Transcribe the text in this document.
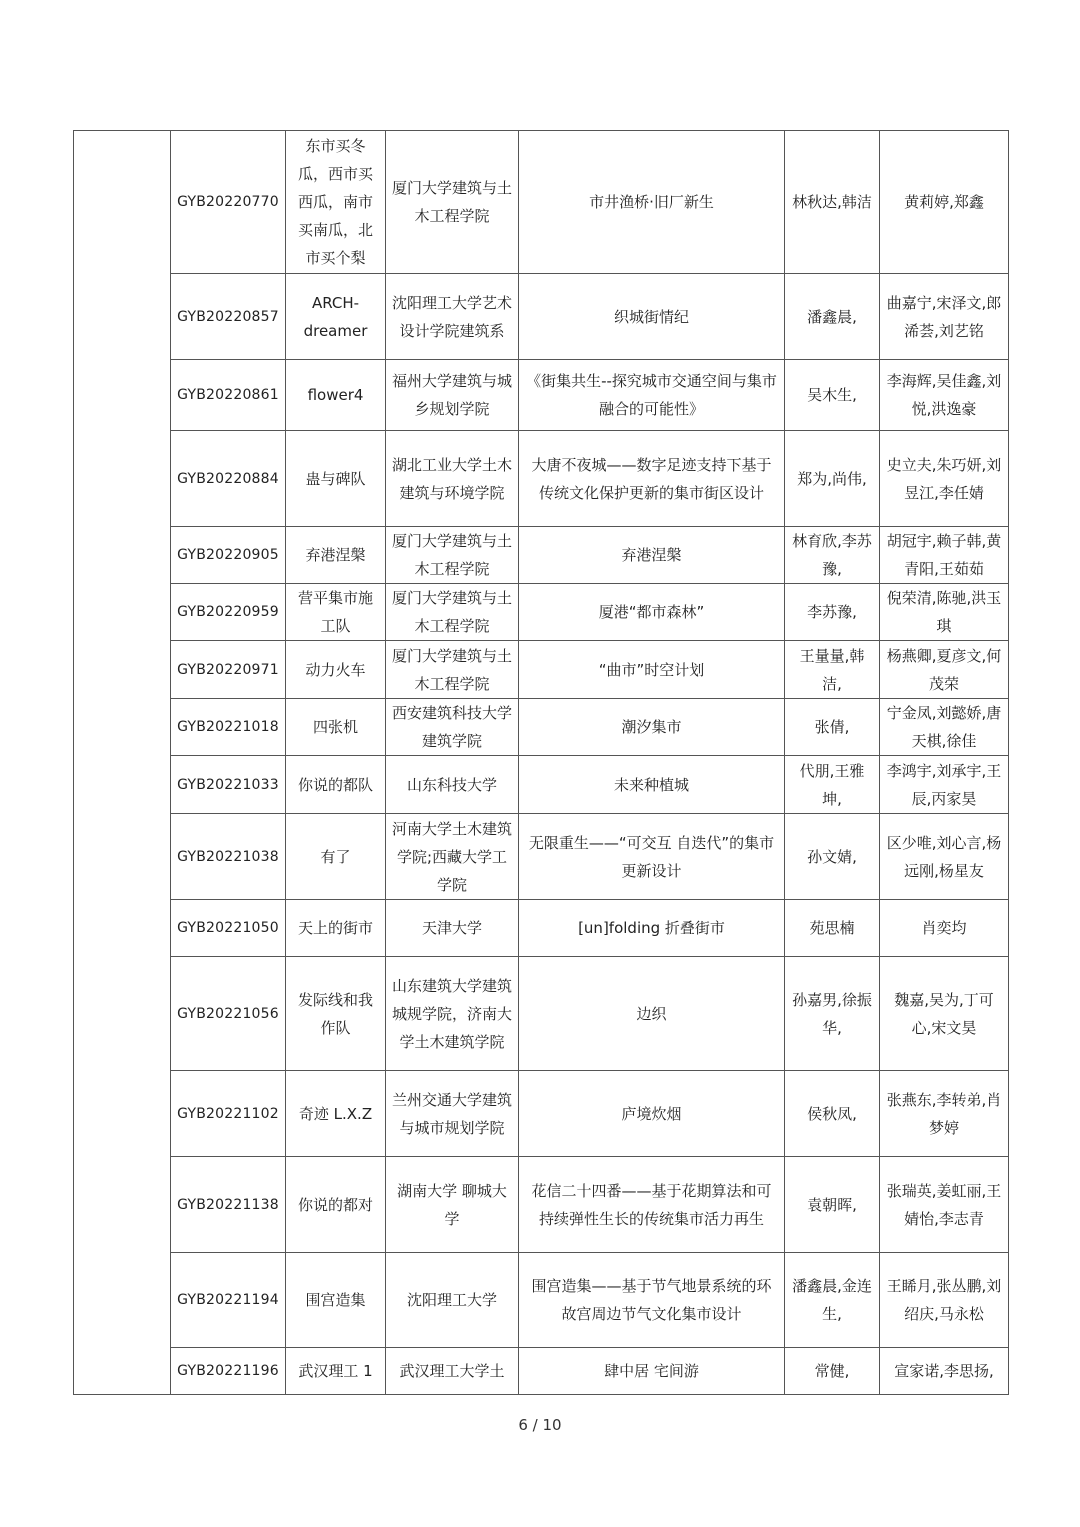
	GYB20220770	东市买冬瓜，西市买西瓜，南市买南瓜，北市买个梨	厦门大学建筑与土木工程学院	市井渔桥·旧厂新生	林秋达,韩洁	黄莉婷,郑鑫
	GYB20220857	ARCH-dreamer	沈阳理工大学艺术设计学院建筑系	织城街情纪	潘鑫晨,	曲嘉宁,宋泽文,郎浠荟,刘艺铭
	GYB20220861	flower4	福州大学建筑与城乡规划学院	《街集共生--探究城市交通空间与集市融合的可能性》	吴木生,	李海辉,吴佳鑫,刘悦,洪逸豪
	GYB20220884	蛊与碑队	湖北工业大学土木建筑与环境学院	大唐不夜城——数字足迹支持下基于传统文化保护更新的集市街区设计	郑为,尚伟,	史立夫,朱巧妍,刘昱江,李任婧
	GYB20220905	弃港涅槃	厦门大学建筑与土木工程学院	弃港涅槃	林育欣,李苏豫,	胡冠宇,赖子韩,黄青阳,王茹茹
	GYB20220959	营平集市施工队	厦门大学建筑与土木工程学院	厦港“都市森林”	李苏豫,	倪荣清,陈驰,洪玉琪
	GYB20220971	动力火车	厦门大学建筑与土木工程学院	“曲市”时空计划	王量量,韩洁,	杨燕卿,夏彦文,何茂荣
	GYB20221018	四张机	西安建筑科技大学建筑学院	潮汐集市	张倩,	宁金凤,刘懿娇,唐天棋,徐佳
	GYB20221033	你说的都队	山东科技大学	未来种植城	代朋,王雅坤,	李鸿宇,刘承宇,王辰,丙家昊
	GYB20221038	有了	河南大学土木建筑学院;西藏大学工学院	无限重生——“可交互 自迭代”的集市更新设计	孙文婧,	区少唯,刘心言,杨远刚,杨星友
	GYB20221050	天上的街市	天津大学	[un]folding 折叠街市	苑思楠	肖奕均
	GYB20221056	发际线和我作队	山东建筑大学建筑城规学院，济南大学土木建筑学院	边织	孙嘉男,徐振华,	魏嘉,吴为,丁可心,宋文昊
	GYB20221102	奇迹 L.X.Z	兰州交通大学建筑与城市规划学院	庐境炊烟	侯秋凤,	张燕东,李转弟,肖梦婷
	GYB20221138	你说的都对	湖南大学 聊城大学	花信二十四番——基于花期算法和可持续弹性生长的传统集市活力再生	袁朝晖,	张瑞英,姜虹丽,王婧怡,李志青
	GYB20221194	围宫造集	沈阳理工大学	围宫造集——基于节气地景系统的环故宫周边节气文化集市设计	潘鑫晨,金连生,	王睎月,张丛鹏,刘绍庆,马永松
	GYB20221196	武汉理工 1	武汉理工大学土	肆中居 宅间游	常健,	宣家诺,李思扬,
6 / 10
